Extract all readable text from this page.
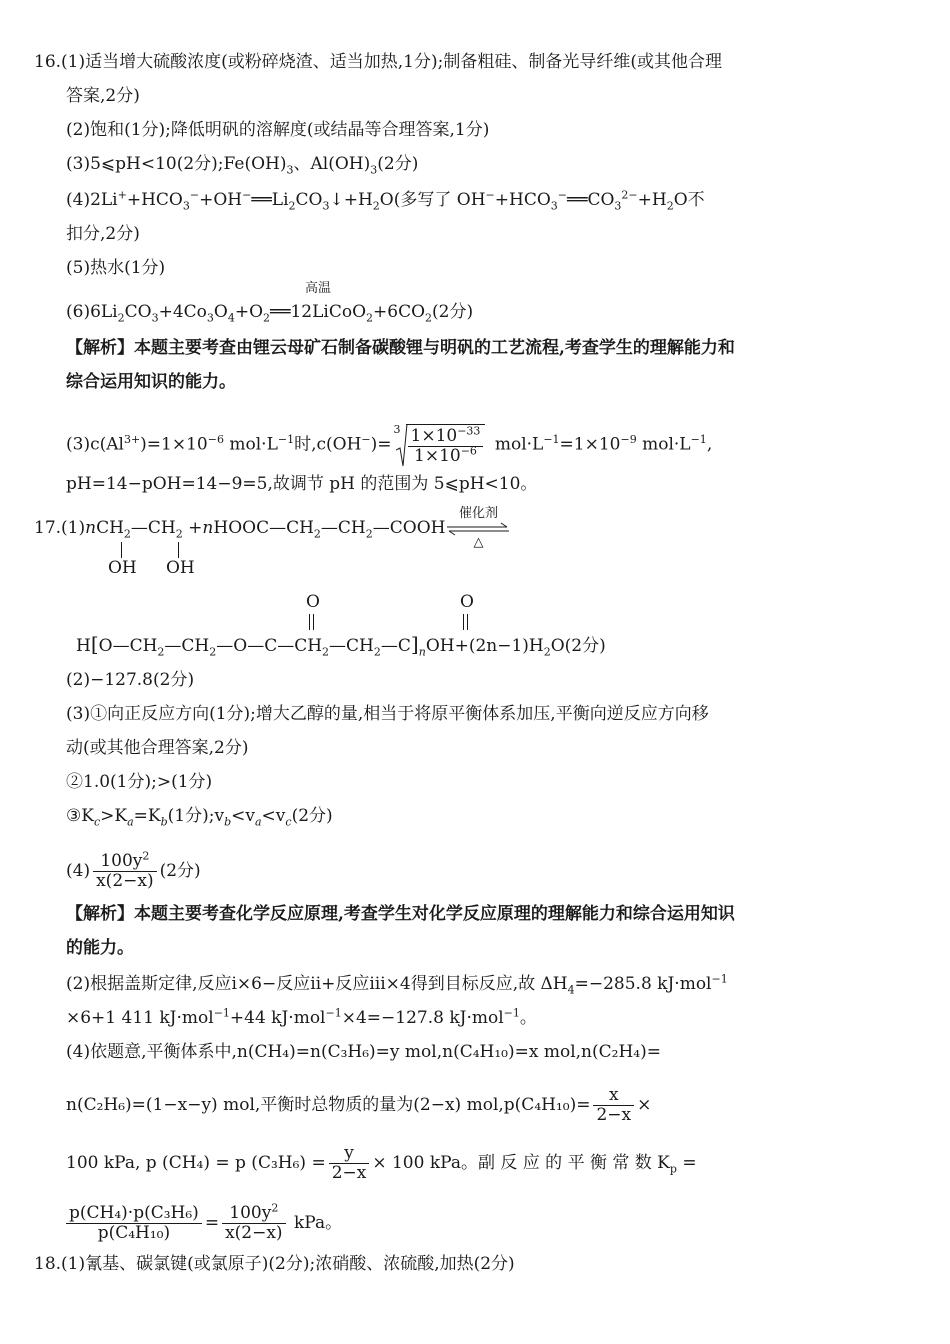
16.(1)适当增大硫酸浓度(或粉碎烧渣、适当加热,1分);制备粗硅、制备光导纤维(或其他合理
答案,2分)
(2)饱和(1分);降低明矾的溶解度(或结晶等合理答案,1分)
(3)5⩽pH<10(2分)$;Fe(OH)_3$、$Al(OH)_3(2$分)
$(4)2Li^++HCO_3^-+OH^-══Li_2CO_3↓+H_2O$(多写了 $OH^-+HCO_3^-══CO_3^{2-}+H_2O$不
扣分,2分)
(5)热水(1分)
$(6)6Li_2CO_3+4Co_3O_4+O_2$
高温
$══12LiCoO_2+6CO_2(2$分)
【解析】本题主要考查由锂云母矿石制备碳酸锂与明矾的工艺流程,考查学生的理解能力和
综合运用知识的能力。
$(3)c(Al^{3+})=1\times 10^{-6}$ $mol\cdot L^{-1}$时,c(OH−)=
$3 \frac{1\times 10^{-33}}{1\times 10^{-6}} mol\cdot L^{-1}=1\times 10^{-9}$ $mol\cdot L^{-1}$,
pH=14−pOH=14−9=5,故调节 pH 的范围为 5⩽pH<10。
$17.(1)nCH_2—CH_2$ $+nHOOC—CH_2—CH_2—COOH$
催化剂
△
OH OH
O	O
$H[O—CH_2—CH_2—O—C—CH_2—CH_2—C]_nOH+(2n-1)H_2O(2$分)
(2)−127.8(2分)
(3)①向正反应方向(1分);增大乙醇的量,相当于将原平衡体系加压,平衡向逆反应方向移
动(或其他合理答案,2分)
②1.0(1分);>(1分)
$③K_c>K_a=K_b(1$分)$;v_b<v_a<v_c(2$分)
$(4) \frac{100y^2}{x(2-x)} (2$分)
【解析】本题主要考查化学反应原理,考查学生对化学反应原理的理解能力和综合运用知识
的能力。
(2)根据盖斯定律,反应ⅰ×6−反应ⅱ+反应ⅲ×4得到目标反应,故 $\Delta H_4=-285.8$ kJ·mol$^{-1}$
×6+1 411 kJ·mol$^{-1}$+44 kJ·mol$^{-1}$×4=−127.8 kJ·mol$^{-1}$。
(4)依题意,平衡体系中,n(CH₄)=n(C₃H₆)=y mol,n(C₄H₁₀)=x mol,n(C₂H₄)=
n(C₂H₆)=(1−x−y) mol,平衡时总物质的量为(2−x) $mol,p(C_4H_{10})= \frac{x}{2-x}$ ×
100 kPa, p (CH₄) = p $(C_3H_6) = \frac{y}{2-x} \times 100$ kPa。副 反 应 的 平 衡 常 数 $K_p$ =
$\frac{\text{p(CH₄)·p(C₃H₆)}}{\text{p(C₄H₁₀)}} = \frac{100y^2}{x(2-x)}$ kPa。
18.(1)氰基、碳氯键(或氯原子)(2分);浓硝酸、浓硫酸,加热(2分)
